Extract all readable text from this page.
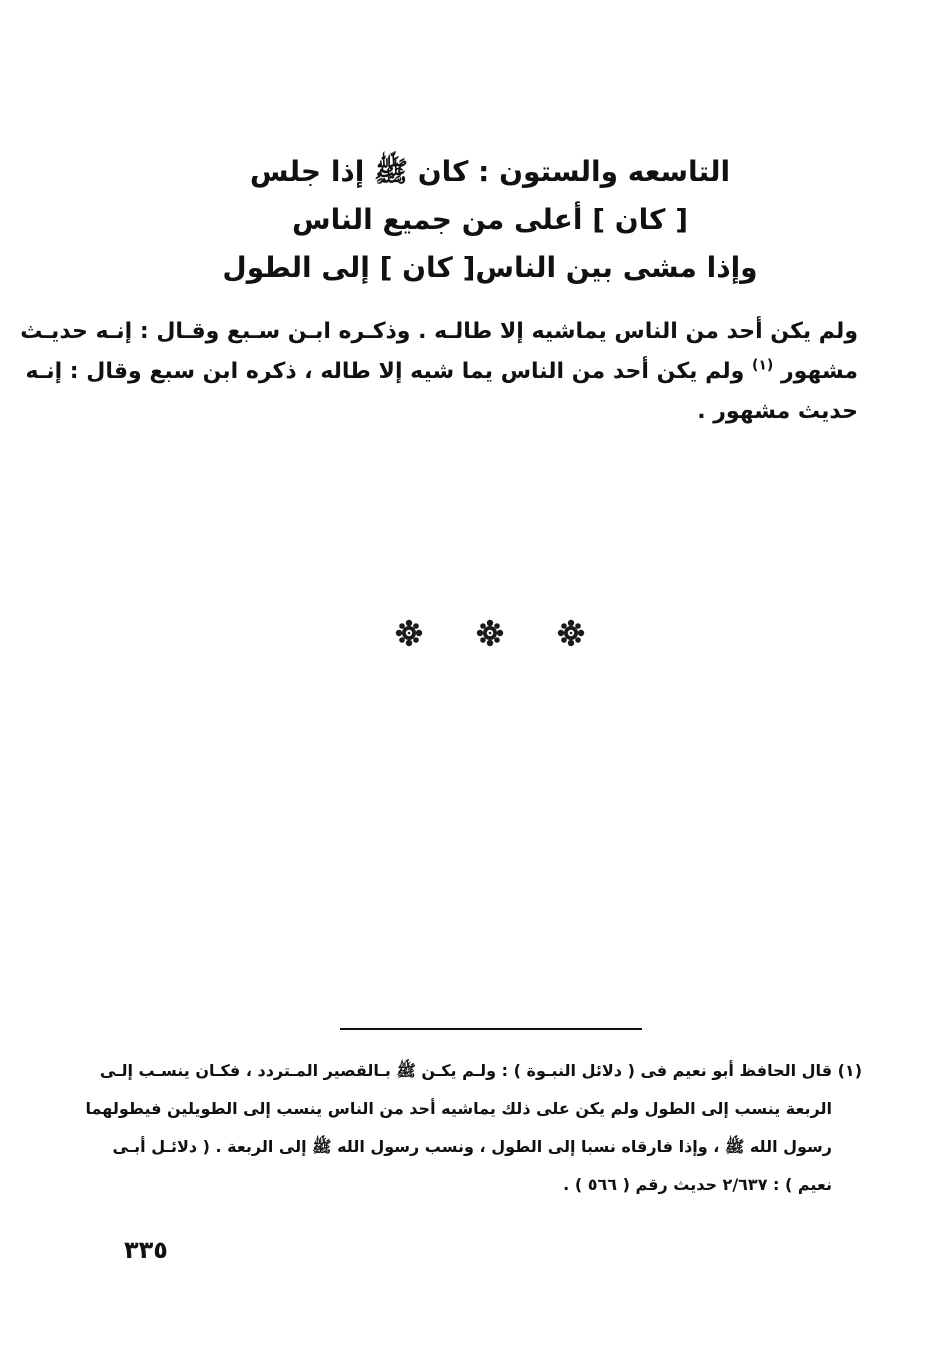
التاسعه والستون : كان ﷺ إذا جلس
[ كان ] أعلى من جميع الناس
وإذا مشى بين الناس[ كان ] إلى الطول
ولم يكن أحد من الناس يماشيه إلا طالـه . وذكـره ابـن سـبع وقـال : إنـه حديـث
مشهور $^{(١)}$ ولم يكن أحد من الناس يما شيه إلا طاله ، ذكره ابن سبع وقال : إنـه
حديث مشهور .
(١) قال الحافظ أبو نعيم فى ( دلائل النبـوة ) : ولـم يكـن ﷺ بـالقصير المـتردد ، فكـان ينسـب إلـى
الربعة ينسب إلى الطول ولم يكن على ذلك يماشيه أحد من الناس ينسب إلى الطويلين فيطولهما
رسول الله ﷺ ، وإذا فارقاه نسبا إلى الطول ، ونسب رسول الله ﷺ إلى الربعة . ( دلائـل أبـى
نعيم ) : ٢/٦٣٧ حديث رقم ( ٥٦٦ ) .
٣٣٥
